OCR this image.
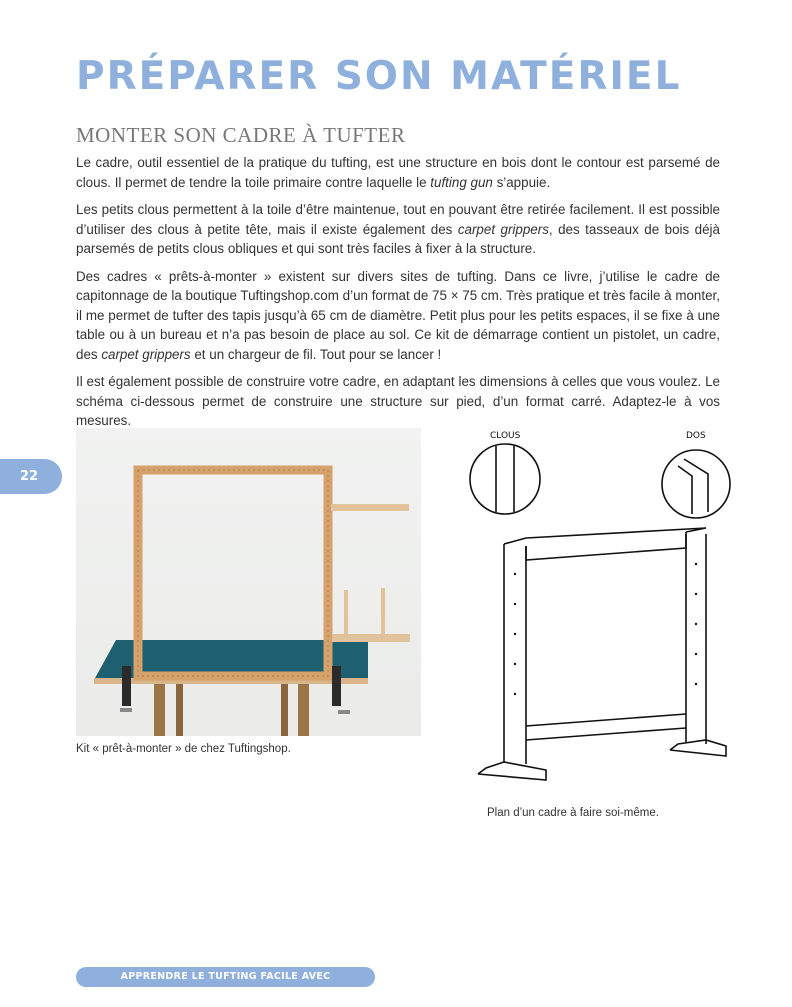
PRÉPARER SON MATÉRIEL
MONTER SON CADRE À TUFTER

Le cadre, outil essentiel de la pratique du tufting, est une structure en bois dont le contour est parsemé de clous. Il permet de tendre la toile primaire contre laquelle le tufting gun s’appuie.

Les petits clous permettent à la toile d’être maintenue, tout en pouvant être retirée facilement. Il est possible d’utiliser des clous à petite tête, mais il existe également des carpet grippers, des tasseaux de bois déjà parsemés de petits clous obliques et qui sont très faciles à fixer à la structure.

Des cadres « prêts-à-monter » existent sur divers sites de tufting. Dans ce livre, j’utilise le cadre de capitonnage de la boutique Tuftingshop.com d’un format de 75 × 75 cm. Très pratique et très facile à monter, il me permet de tufter des tapis jusqu’à 65 cm de diamètre. Petit plus pour les petits espaces, il se fixe à une table ou à un bureau et n’a pas besoin de place au sol. Ce kit de démarrage contient un pistolet, un cadre, des carpet grippers et un chargeur de fil. Tout pour se lancer !

Il est également possible de construire votre cadre, en adaptant les dimensions à celles que vous voulez. Le schéma ci-dessous permet de construire une structure sur pied, d’un format carré. Adaptez-le à vos mesures.

22
Kit « prêt-à-monter » de chez Tuftingshop.
CLOUS	DOS
Plan d’un cadre à faire soi-même.
APPRENDRE LE TUFTING FACILE AVEC CREAPASSIONS.COM
